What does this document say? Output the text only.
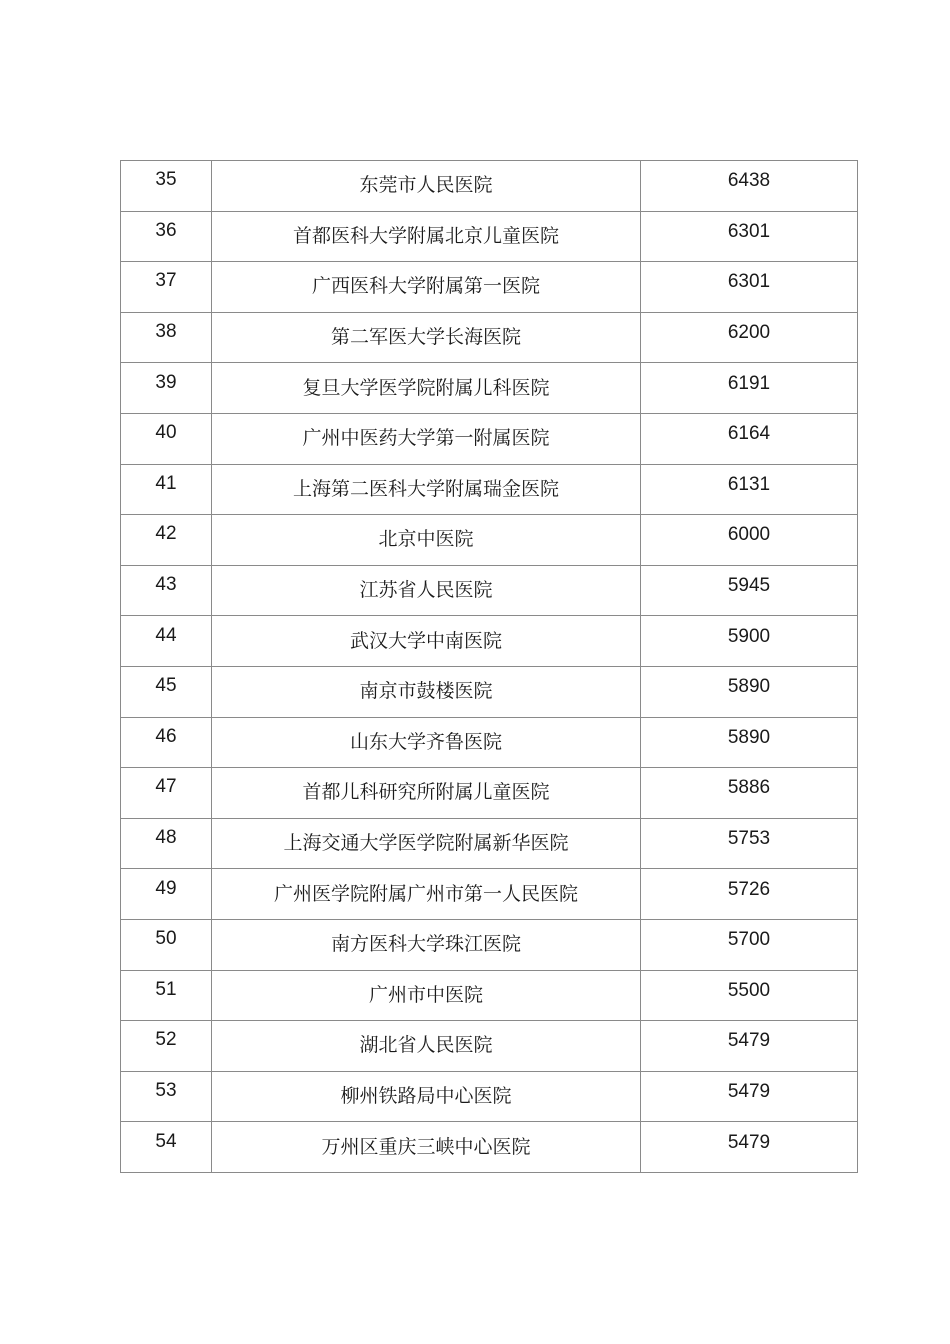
35	东莞市人民医院	6438
36	首都医科大学附属北京儿童医院	6301
37	广西医科大学附属第一医院	6301
38	第二军医大学长海医院	6200
39	复旦大学医学院附属儿科医院	6191
40	广州中医药大学第一附属医院	6164
41	上海第二医科大学附属瑞金医院	6131
42	北京中医院	6000
43	江苏省人民医院	5945
44	武汉大学中南医院	5900
45	南京市鼓楼医院	5890
46	山东大学齐鲁医院	5890
47	首都儿科研究所附属儿童医院	5886
48	上海交通大学医学院附属新华医院	5753
49	广州医学院附属广州市第一人民医院	5726
50	南方医科大学珠江医院	5700
51	广州市中医院	5500
52	湖北省人民医院	5479
53	柳州铁路局中心医院	5479
54	万州区重庆三峡中心医院	5479
